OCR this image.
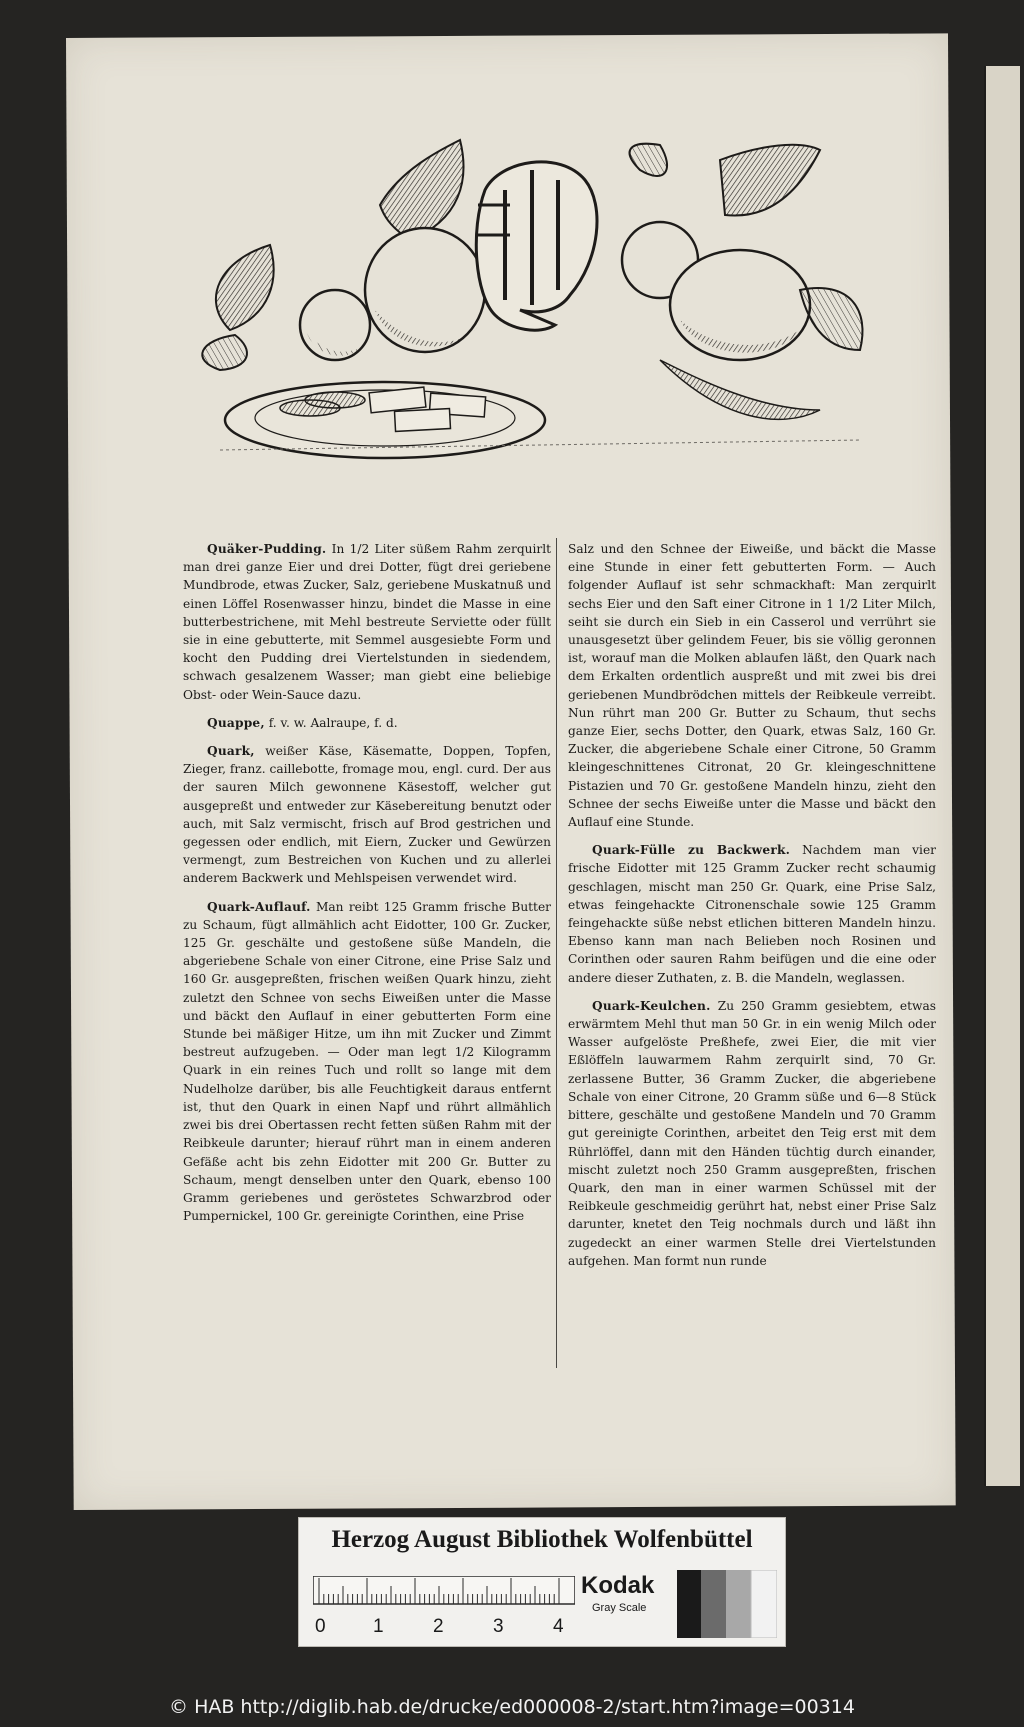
Quäker-Pudding. In 1/2 Liter süßem Rahm zerquirlt man drei ganze Eier und drei Dotter, fügt drei geriebene Mundbrode, etwas Zucker, Salz, geriebene Muskatnuß und einen Löffel Rosenwasser hinzu, bindet die Masse in eine butterbestrichene, mit Mehl bestreute Serviette oder füllt sie in eine gebutterte, mit Semmel ausgesiebte Form und kocht den Pudding drei Viertelstunden in siedendem, schwach gesalzenem Wasser; man giebt eine beliebige Obst- oder Wein-Sauce dazu.

Quappe, f. v. w. Aalraupe, f. d.

Quark, weißer Käse, Käsematte, Doppen, Topfen, Zieger, franz. caillebotte, fromage mou, engl. curd. Der aus der sauren Milch gewonnene Käsestoff, welcher gut ausgepreßt und entweder zur Käsebereitung benutzt oder auch, mit Salz vermischt, frisch auf Brod gestrichen und gegessen oder endlich, mit Eiern, Zucker und Gewürzen vermengt, zum Bestreichen von Kuchen und zu allerlei anderem Backwerk und Mehlspeisen verwendet wird.

Quark-Auflauf. Man reibt 125 Gramm frische Butter zu Schaum, fügt allmählich acht Eidotter, 100 Gr. Zucker, 125 Gr. geschälte und gestoßene süße Mandeln, die abgeriebene Schale von einer Citrone, eine Prise Salz und 160 Gr. ausgepreßten, frischen weißen Quark hinzu, zieht zuletzt den Schnee von sechs Eiweißen unter die Masse und bäckt den Auflauf in einer gebutterten Form eine Stunde bei mäßiger Hitze, um ihn mit Zucker und Zimmt bestreut aufzugeben. — Oder man legt 1/2 Kilogramm Quark in ein reines Tuch und rollt so lange mit dem Nudelholze darüber, bis alle Feuchtigkeit daraus entfernt ist, thut den Quark in einen Napf und rührt allmählich zwei bis drei Obertassen recht fetten süßen Rahm mit der Reibkeule darunter; hierauf rührt man in einem anderen Gefäße acht bis zehn Eidotter mit 200 Gr. Butter zu Schaum, mengt denselben unter den Quark, ebenso 100 Gramm geriebenes und geröstetes Schwarzbrod oder Pumpernickel, 100 Gr. gereinigte Corinthen, eine Prise

Salz und den Schnee der Eiweiße, und bäckt die Masse eine Stunde in einer fett gebutterten Form. — Auch folgender Auflauf ist sehr schmackhaft: Man zerquirlt sechs Eier und den Saft einer Citrone in 1 1/2 Liter Milch, seiht sie durch ein Sieb in ein Casserol und verrührt sie unausgesetzt über gelindem Feuer, bis sie völlig geronnen ist, worauf man die Molken ablaufen läßt, den Quark nach dem Erkalten ordentlich auspreßt und mit zwei bis drei geriebenen Mundbrödchen mittels der Reibkeule verreibt. Nun rührt man 200 Gr. Butter zu Schaum, thut sechs ganze Eier, sechs Dotter, den Quark, etwas Salz, 160 Gr. Zucker, die abgeriebene Schale einer Citrone, 50 Gramm kleingeschnittenes Citronat, 20 Gr. kleingeschnittene Pistazien und 70 Gr. gestoßene Mandeln hinzu, zieht den Schnee der sechs Eiweiße unter die Masse und bäckt den Auflauf eine Stunde.

Quark-Fülle zu Backwerk. Nachdem man vier frische Eidotter mit 125 Gramm Zucker recht schaumig geschlagen, mischt man 250 Gr. Quark, eine Prise Salz, etwas feingehackte Citronenschale sowie 125 Gramm feingehackte süße nebst etlichen bitteren Mandeln hinzu. Ebenso kann man nach Belieben noch Rosinen und Corinthen oder sauren Rahm beifügen und die eine oder andere dieser Zuthaten, z. B. die Mandeln, weglassen.

Quark-Keulchen. Zu 250 Gramm gesiebtem, etwas erwärmtem Mehl thut man 50 Gr. in ein wenig Milch oder Wasser aufgelöste Preßhefe, zwei Eier, die mit vier Eßlöffeln lauwarmem Rahm zerquirlt sind, 70 Gr. zerlassene Butter, 36 Gramm Zucker, die abgeriebene Schale von einer Citrone, 20 Gramm süße und 6—8 Stück bittere, geschälte und gestoßene Mandeln und 70 Gramm gut gereinigte Corinthen, arbeitet den Teig erst mit dem Rührlöffel, dann mit den Händen tüchtig durch einander, mischt zuletzt noch 250 Gramm ausgepreßten, frischen Quark, den man in einer warmen Schüssel mit der Reibkeule geschmeidig gerührt hat, nebst einer Prise Salz darunter, knetet den Teig nochmals durch und läßt ihn zugedeckt an einer warmen Stelle drei Viertelstunden aufgehen. Man formt nun runde

Herzog August Bibliothek Wolfenbüttel
0 1	2	3	4
Kodak
Gray Scale
© HAB http://diglib.hab.de/drucke/ed000008-2/start.htm?image=00314
